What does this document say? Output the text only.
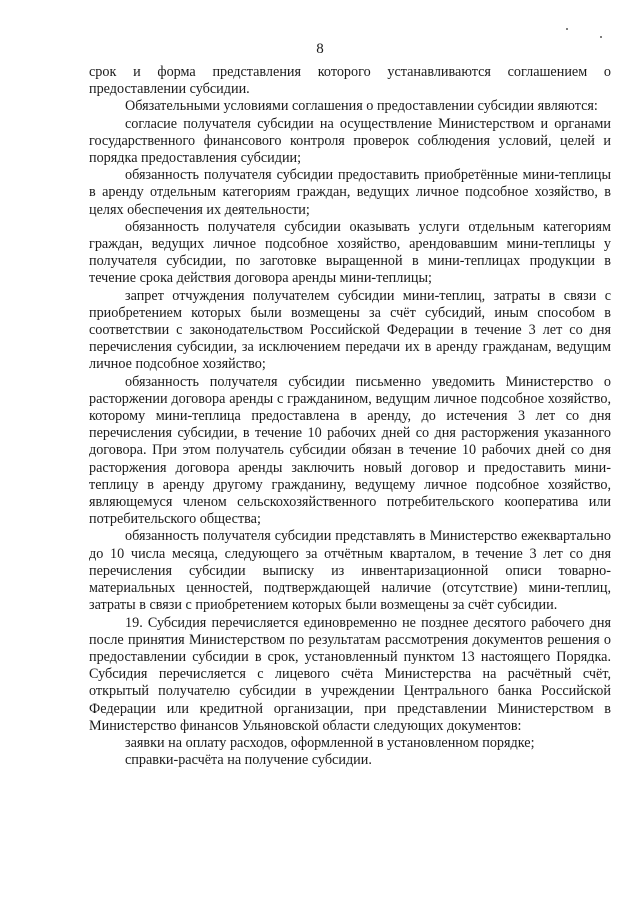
8

срок и форма представления которого устанавливаются соглашением о предоставлении субсидии.

Обязательными условиями соглашения о предоставлении субсидии являются:

согласие получателя субсидии на осуществление Министерством и органами государственного финансового контроля проверок соблюдения условий, целей и порядка предоставления субсидии;

обязанность получателя субсидии предоставить приобретённые мини-теплицы в аренду отдельным категориям граждан, ведущих личное подсобное хозяйство, в целях обеспечения их деятельности;

обязанность получателя субсидии оказывать услуги отдельным категориям граждан, ведущих личное подсобное хозяйство, арендовавшим мини-теплицы у получателя субсидии, по заготовке выращенной в мини-теплицах продукции в течение срока действия договора аренды мини-теплицы;

запрет отчуждения получателем субсидии мини-теплиц, затраты в связи с приобретением которых были возмещены за счёт субсидий, иным способом в соответствии с законодательством Российской Федерации в течение 3 лет со дня перечисления субсидии, за исключением передачи их в аренду гражданам, ведущим личное подсобное хозяйство;

обязанность получателя субсидии письменно уведомить Министерство о расторжении договора аренды с гражданином, ведущим личное подсобное хозяйство, которому мини-теплица предоставлена в аренду, до истечения 3 лет со дня перечисления субсидии, в течение 10 рабочих дней со дня расторжения указанного договора. При этом получатель субсидии обязан в течение 10 рабочих дней со дня расторжения договора аренды заключить новый договор и предоставить мини-теплицу в аренду другому гражданину, ведущему личное подсобное хозяйство, являющемуся членом сельскохозяйственного потребительского кооператива или потребительского общества;

обязанность получателя субсидии представлять в Министерство ежеквартально до 10 числа месяца, следующего за отчётным кварталом, в течение 3 лет со дня перечисления субсидии выписку из инвентаризационной описи товарно-материальных ценностей, подтверждающей наличие (отсутствие) мини-теплиц, затраты в связи с приобретением которых были возмещены за счёт субсидии.

19. Субсидия перечисляется единовременно не позднее десятого рабочего дня после принятия Министерством по результатам рассмотрения документов решения о предоставлении субсидии в срок, установленный пунктом 13 настоящего Порядка. Субсидия перечисляется с лицевого счёта Министерства на расчётный счёт, открытый получателю субсидии в учреждении Центрального банка Российской Федерации или кредитной организации, при представлении Министерством в Министерство финансов Ульяновской области следующих документов:

заявки на оплату расходов, оформленной в установленном порядке;

справки-расчёта на получение субсидии.
